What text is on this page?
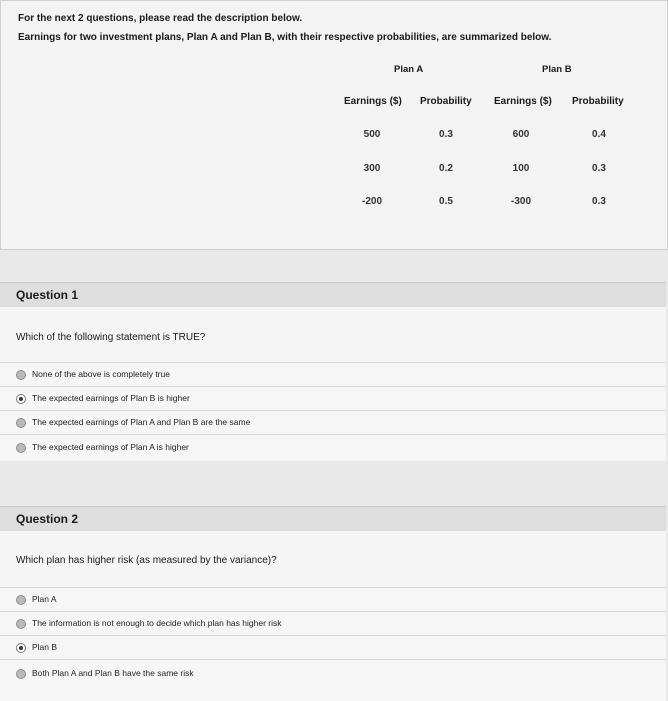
For the next 2 questions, please read the description below.
Earnings for two investment plans, Plan A and Plan B, with their respective probabilities, are summarized below.
Plan A	Plan B
Earnings ($) Probability Earnings ($) Probability
500	0.3	600	0.4
300	0.2	100	0.3
-200	0.5	-300	0.3
Question 1
Which of the following statement is TRUE?
None of the above is completely true
The expected earnings of Plan B is higher
The expected earnings of Plan A and Plan B are the same
The expected earnings of Plan A is higher
Question 2
Which plan has higher risk (as measured by the variance)?
Plan A
The information is not enough to decide which plan has higher risk
Plan B
Both Plan A and Plan B have the same risk
